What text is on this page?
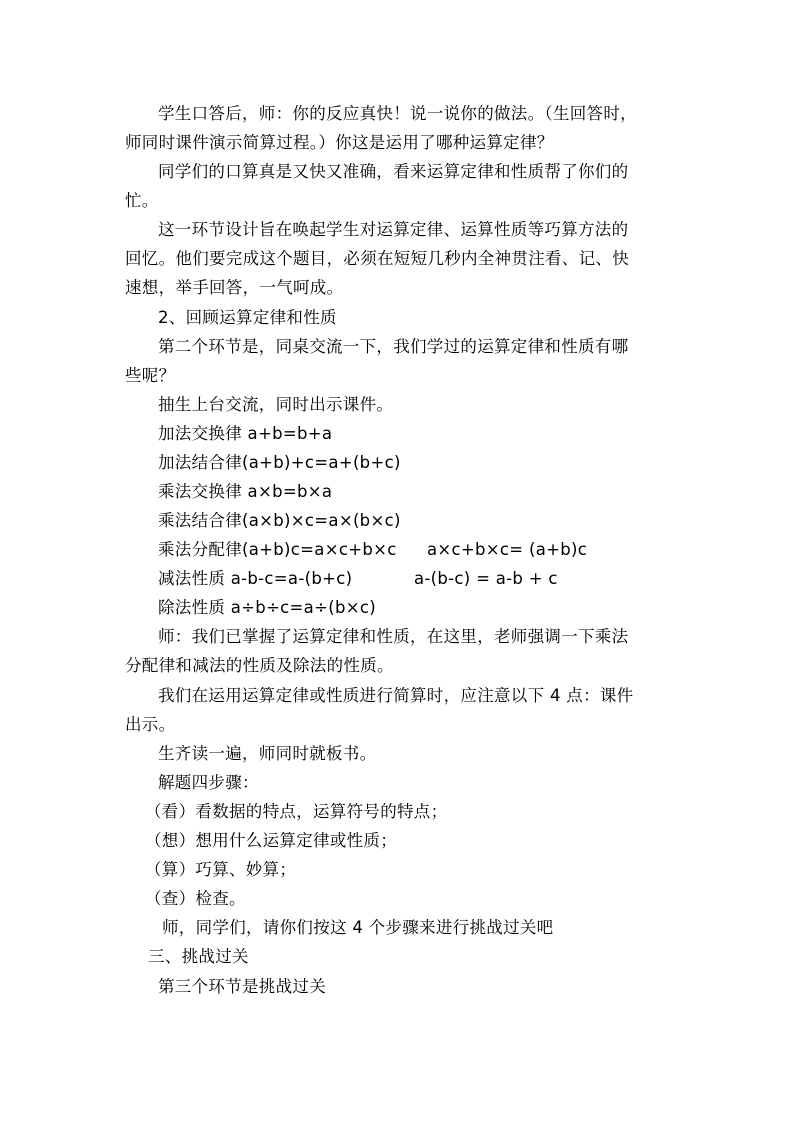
学生口答后，师：你的反应真快！说一说你的做法。（生回答时，
师同时课件演示简算过程。）你这是运用了哪种运算定律？
同学们的口算真是又快又准确，看来运算定律和性质帮了你们的
忙。
这一环节设计旨在唤起学生对运算定律、运算性质等巧算方法的
回忆。他们要完成这个题目，必须在短短几秒内全神贯注看、记、快
速想，举手回答，一气呵成。
2、回顾运算定律和性质
第二个环节是，同桌交流一下，我们学过的运算定律和性质有哪
些呢？
抽生上台交流，同时出示课件。
加法交换律 a+b=b+a
加法结合律(a+b)+c=a+(b+c)
乘法交换律 a×b=b×a
乘法结合律(a×b)×c=a×(b×c)
乘法分配律(a+b)c=a×c+b×c a×c+b×c= (a+b)c
减法性质 a-b-c=a-(b+c)	a-(b-c) = a-b + c
除法性质 a÷b÷c=a÷(b×c)
师：我们已掌握了运算定律和性质，在这里，老师强调一下乘法
分配律和减法的性质及除法的性质。
我们在运用运算定律或性质进行简算时，应注意以下 4 点：课件
出示。
生齐读一遍，师同时就板书。
解题四步骤：
（看）看数据的特点，运算符号的特点；
（想）想用什么运算定律或性质；
（算）巧算、妙算；
（查）检查。
师，同学们，请你们按这 4 个步骤来进行挑战过关吧
三、挑战过关
第三个环节是挑战过关
